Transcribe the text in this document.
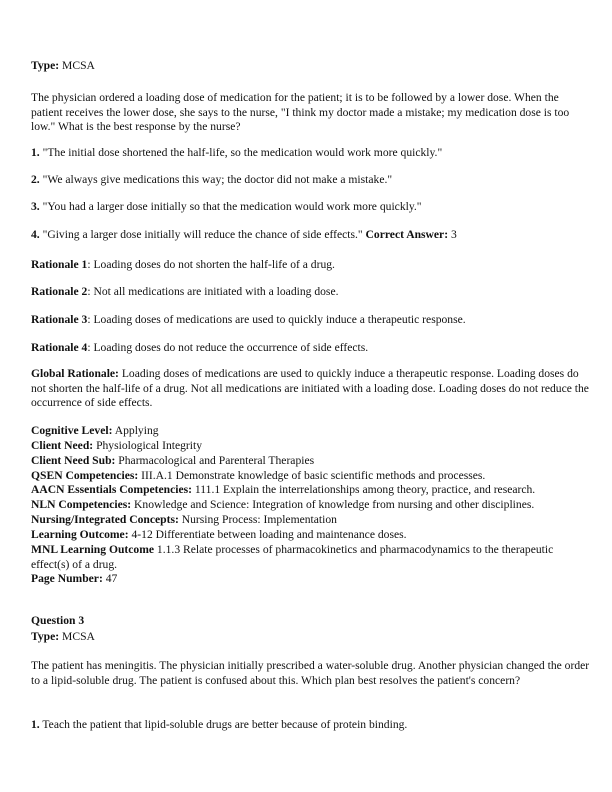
Type: MCSA
The physician ordered a loading dose of medication for the patient; it is to be followed by a lower dose. When the patient receives the lower dose, she says to the nurse, "I think my doctor made a mistake; my medication dose is too low." What is the best response by the nurse?
1. "The initial dose shortened the half-life, so the medication would work more quickly."
2. "We always give medications this way; the doctor did not make a mistake."
3. "You had a larger dose initially so that the medication would work more quickly."
4. "Giving a larger dose initially will reduce the chance of side effects." Correct Answer: 3
Rationale 1: Loading doses do not shorten the half-life of a drug.
Rationale 2: Not all medications are initiated with a loading dose.
Rationale 3: Loading doses of medications are used to quickly induce a therapeutic response.
Rationale 4: Loading doses do not reduce the occurrence of side effects.
Global Rationale: Loading doses of medications are used to quickly induce a therapeutic response. Loading doses do not shorten the half-life of a drug. Not all medications are initiated with a loading dose. Loading doses do not reduce the occurrence of side effects.
Cognitive Level: Applying
Client Need: Physiological Integrity
Client Need Sub: Pharmacological and Parenteral Therapies
QSEN Competencies: III.A.1 Demonstrate knowledge of basic scientific methods and processes.
AACN Essentials Competencies: 111.1 Explain the interrelationships among theory, practice, and research.
NLN Competencies: Knowledge and Science: Integration of knowledge from nursing and other disciplines.
Nursing/Integrated Concepts: Nursing Process: Implementation
Learning Outcome: 4-12 Differentiate between loading and maintenance doses.
MNL Learning Outcome 1.1.3 Relate processes of pharmacokinetics and pharmacodynamics to the therapeutic effect(s) of a drug.
Page Number: 47
Question 3
Type: MCSA
The patient has meningitis. The physician initially prescribed a water-soluble drug. Another physician changed the order to a lipid-soluble drug. The patient is confused about this. Which plan best resolves the patient's concern?
1. Teach the patient that lipid-soluble drugs are better because of protein binding.
